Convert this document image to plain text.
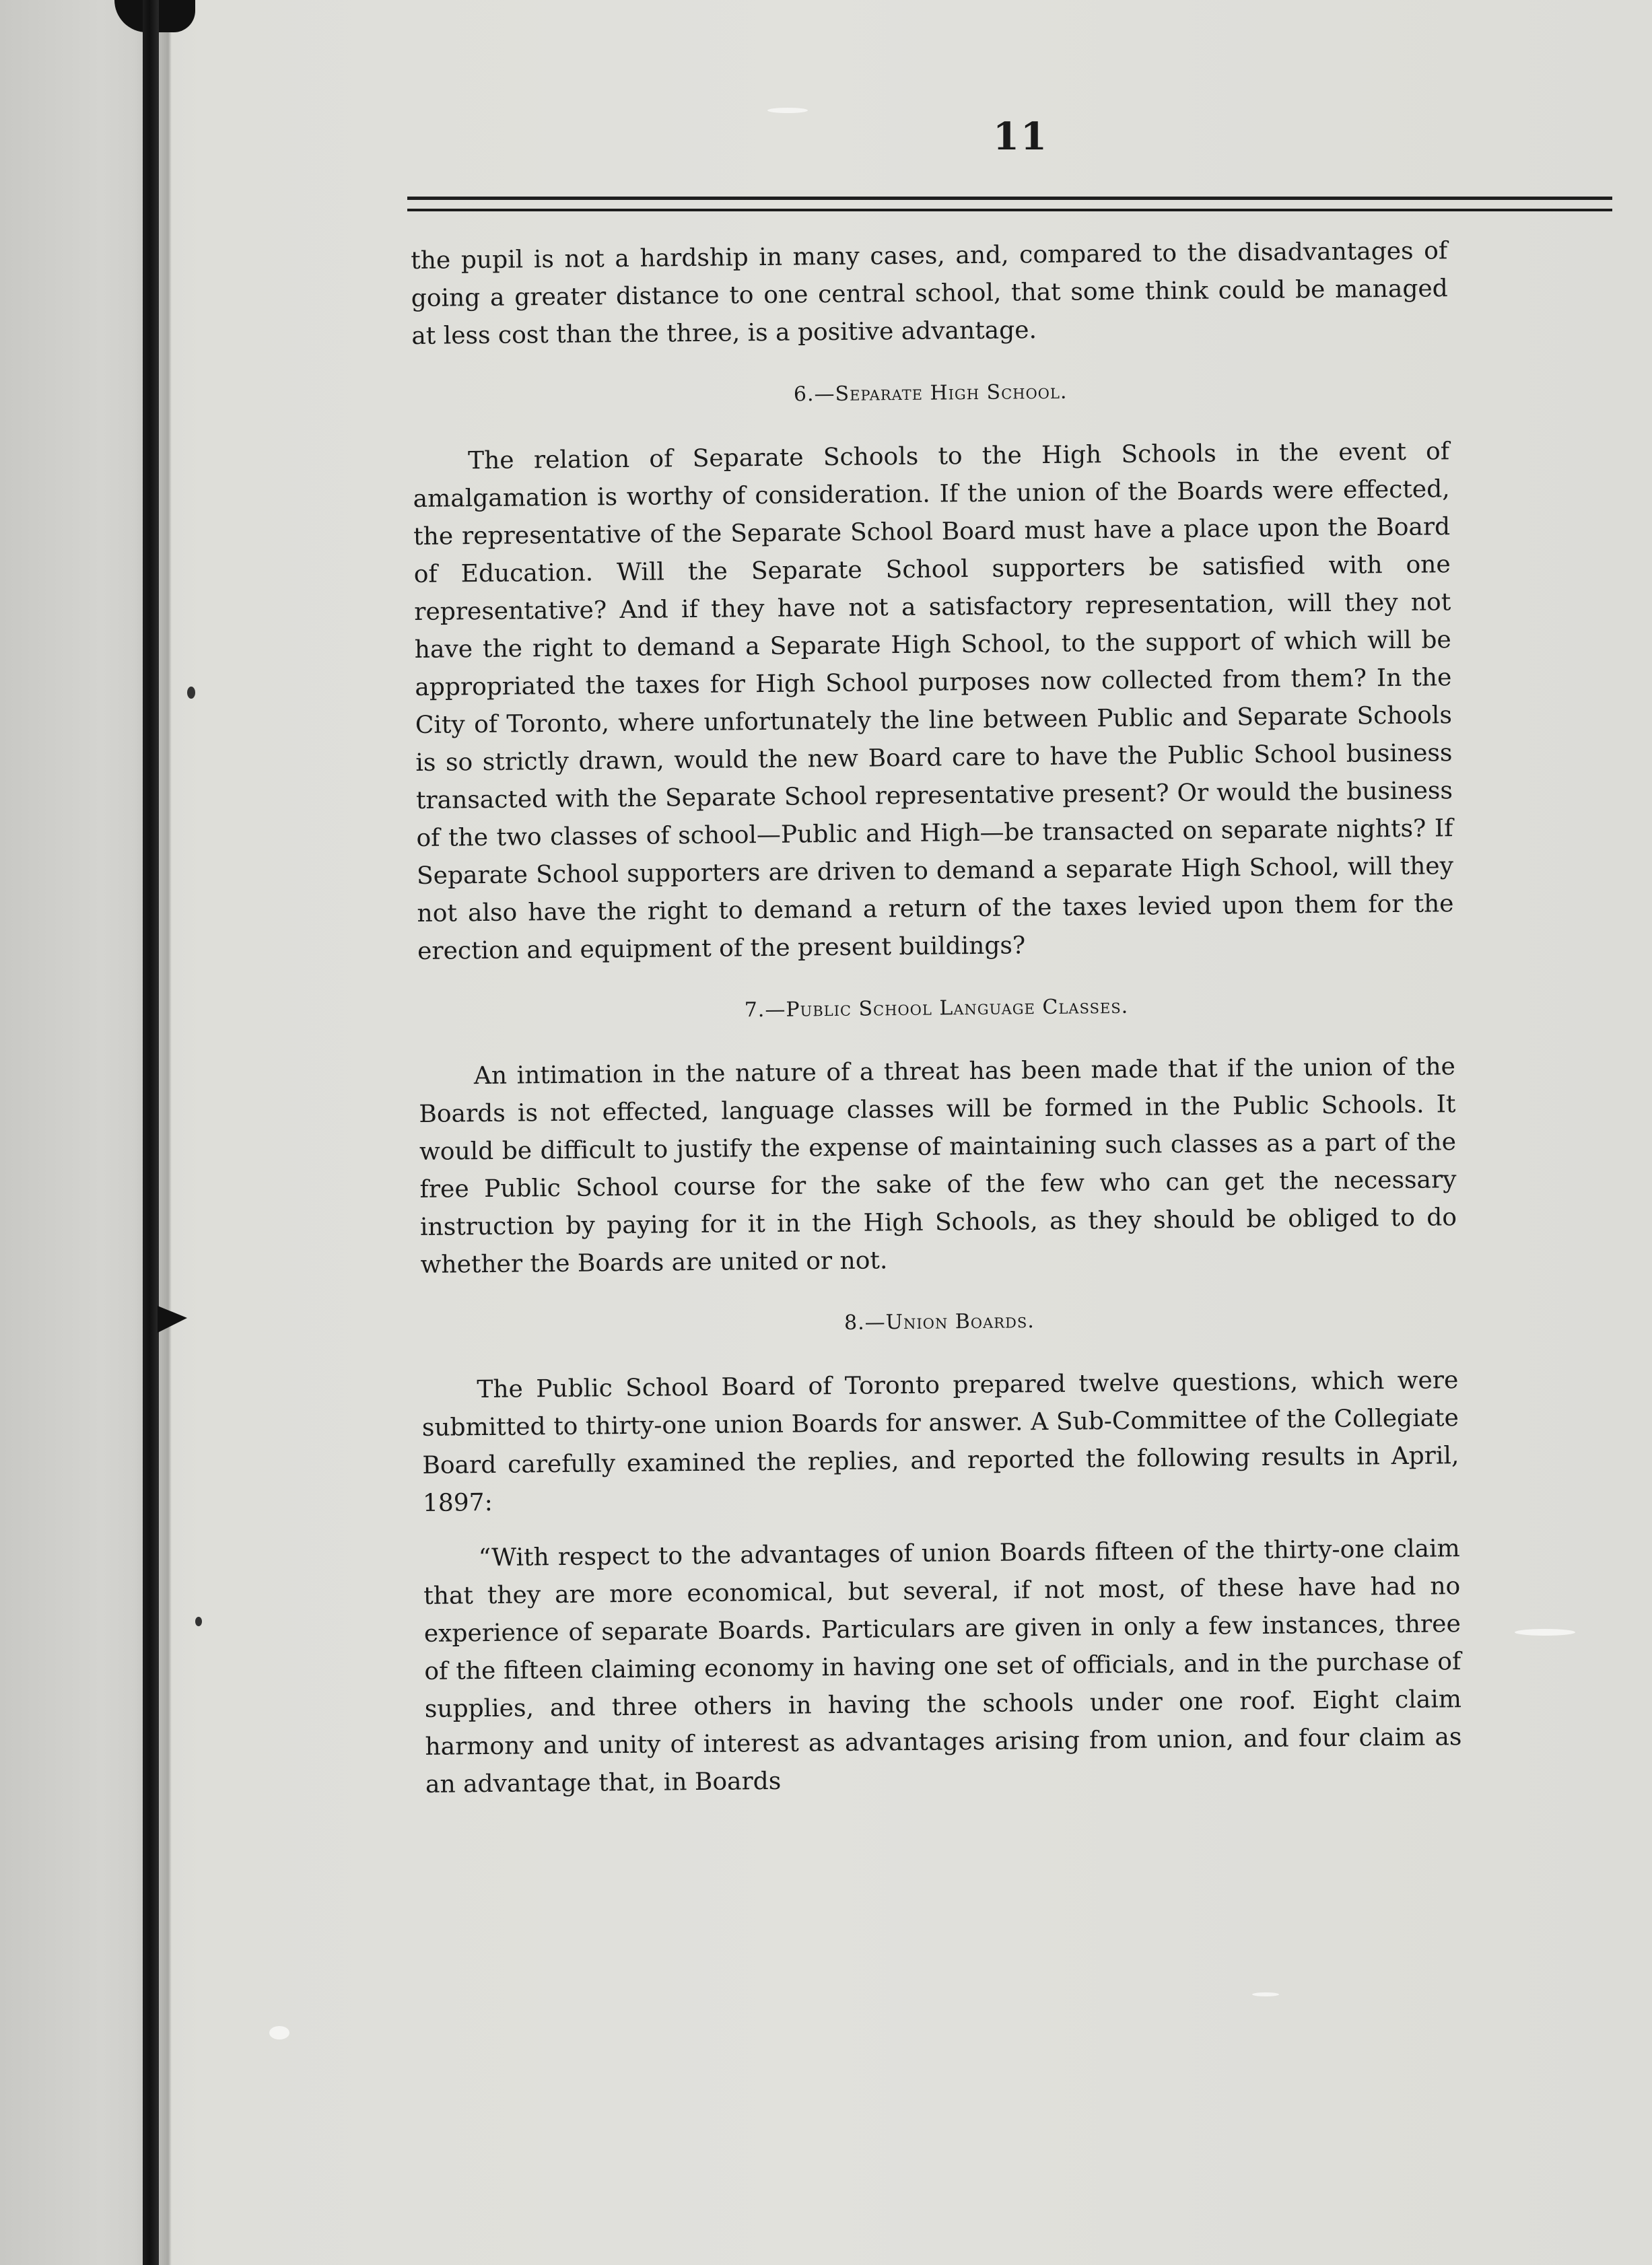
11

the pupil is not a hardship in many cases, and, compared to the disadvantages of going a greater distance to one central school, that some think could be managed at less cost than the three, is a positive advantage.

6.—Separate High School.

The relation of Separate Schools to the High Schools in the event of amalgamation is worthy of consideration. If the union of the Boards were effected, the representative of the Separate School Board must have a place upon the Board of Education. Will the Separate School supporters be satisfied with one representative? And if they have not a satisfactory representation, will they not have the right to demand a Separate High School, to the support of which will be appropriated the taxes for High School purposes now collected from them? In the City of Toronto, where unfortunately the line between Public and Separate Schools is so strictly drawn, would the new Board care to have the Public School business transacted with the Separate School representative present? Or would the business of the two classes of school—Public and High—be transacted on separate nights? If Separate School supporters are driven to demand a separate High School, will they not also have the right to demand a return of the taxes levied upon them for the erection and equipment of the present buildings?

7.—Public School Language Classes.

An intimation in the nature of a threat has been made that if the union of the Boards is not effected, language classes will be formed in the Public Schools. It would be difficult to justify the expense of maintaining such classes as a part of the free Public School course for the sake of the few who can get the necessary instruction by paying for it in the High Schools, as they should be obliged to do whether the Boards are united or not.

8.—Union Boards.

The Public School Board of Toronto prepared twelve questions, which were submitted to thirty-one union Boards for answer. A Sub-Committee of the Collegiate Board carefully examined the replies, and reported the following results in April, 1897:

“With respect to the advantages of union Boards fifteen of the thirty-one claim that they are more economical, but several, if not most, of these have had no experience of separate Boards. Particulars are given in only a few instances, three of the fifteen claiming economy in having one set of officials, and in the purchase of supplies, and three others in having the schools under one roof. Eight claim harmony and unity of interest as advantages arising from union, and four claim as an advantage that, in Boards
